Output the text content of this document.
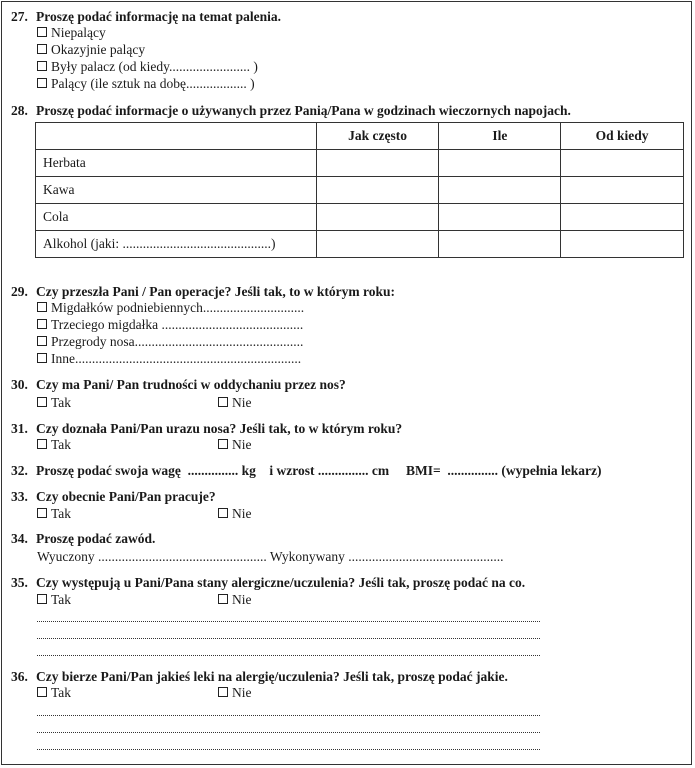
27. Proszę podać informację na temat palenia.
Niepalący
Okazyjnie palący
Były palacz (od kiedy........................ )
Palący (ile sztuk na dobę.................. )
28. Proszę podać informacje o używanych przez Panią/Pana w godzinach wieczornych napojach.
	Jak często	Ile	Od kiedy
Herbata			
Kawa			
Cola			
Alkohol (jaki: ............................................)			
29. Czy przeszła Pani / Pan operacje? Jeśli tak, to w którym roku:
Migdałków podniebiennych..............................
Trzeciego migdałka ..........................................
Przegrody nosa..................................................
Inne...................................................................
30. Czy ma Pani/ Pan trudności w oddychaniu przez nos?
Tak	Nie
31. Czy doznała Pani/Pan urazu nosa? Jeśli tak, to w którym roku?
Tak	Nie
32. Proszę podać swoja wagę  ............... kg    i wzrost ............... cm     BMI=  ............... (wypełnia lekarz)
33. Czy obecnie Pani/Pan pracuje?
Tak	Nie
34. Proszę podać zawód.
Wyuczony .................................................. Wykonywany ..............................................
35. Czy występują u Pani/Pana stany alergiczne/uczulenia? Jeśli tak, proszę podać na co.
Tak	Nie
36. Czy bierze Pani/Pan jakieś leki na alergię/uczulenia? Jeśli tak, proszę podać jakie.
Tak	Nie
